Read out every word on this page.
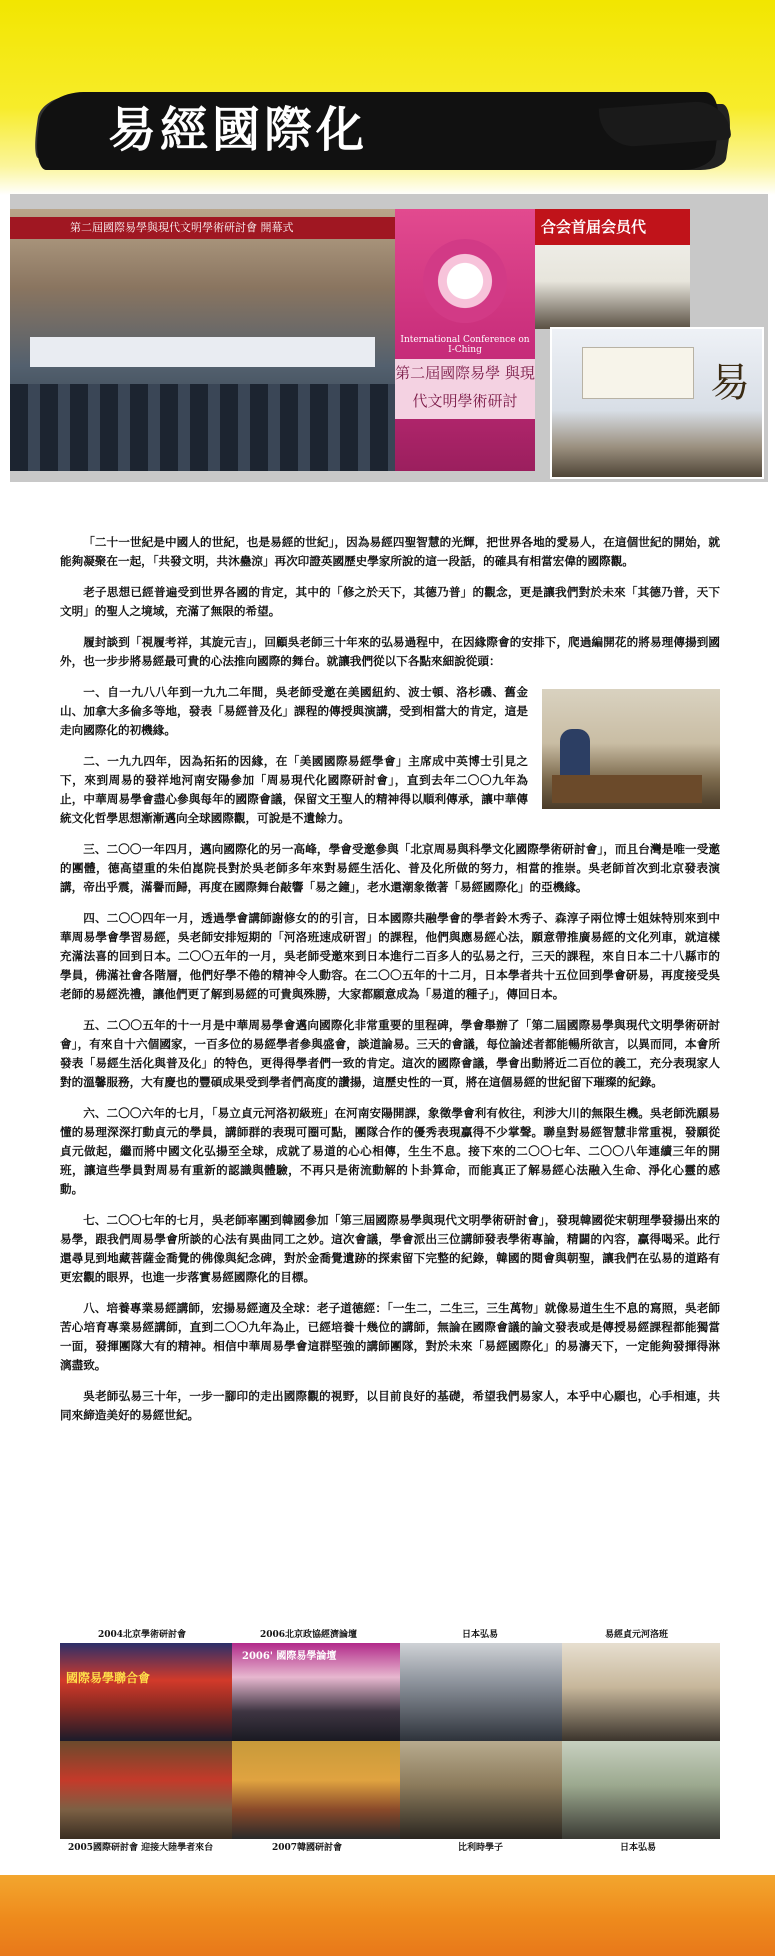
易經國際化
第二屆國際易學與現代文明學術研討會 開幕式
International Conference on I-Ching
第二屆國際易學 與現代文明學術研討
合会首届会员代
易

「二十一世紀是中國人的世紀，也是易經的世紀」，因為易經四聖智慧的光輝，把世界各地的愛易人，在這個世紀的開始，就能夠凝聚在一起，「共發文明，共沐蠱涼」再次印證英國歷史學家所說的這一段話，的確具有相當宏偉的國際觀。

老子思想已經普遍受到世界各國的肯定，其中的「修之於天下，其德乃普」的觀念，更是讓我們對於未來「其德乃普，天下文明」的聖人之境域，充滿了無限的希望。

履封談到「視履考祥，其旋元吉」，回顧吳老師三十年來的弘易過程中，在因緣際會的安排下，爬過編開花的將易理傳揚到國外，也一步步將易經最可貴的心法推向國際的舞台。就讓我們從以下各點來細說從頭：

一、自一九八八年到一九九二年間，吳老師受邀在美國紐約、波士頓、洛杉磯、舊金山、加拿大多倫多等地，發表「易經普及化」課程的傳授與演講，受到相當大的肯定，這是走向國際化的初機緣。

二、一九九四年，因為拓拓的因緣，在「美國國際易經學會」主席成中英博士引見之下，來到周易的發祥地河南安陽參加「周易現代化國際研討會」，直到去年二〇〇九年為止，中華周易學會盡心參與每年的國際會議，保留文王聖人的精神得以順利傳承，讓中華傳統文化哲學思想漸漸邁向全球國際觀，可說是不遺餘力。

三、二〇〇一年四月，邁向國際化的另一高峰，學會受邀參與「北京周易與科學文化國際學術研討會」，而且台灣是唯一受邀的團體，德高望重的朱伯崑院長對於吳老師多年來對易經生活化、普及化所做的努力，相當的推崇。吳老師首次到北京發表演講，帝出乎震，滿譽而歸，再度在國際舞台敲響「易之鐘」，老水還潮象徵著「易經國際化」的亞機緣。

四、二〇〇四年一月，透過學會講師謝修女的的引言，日本國際共融學會的學者鈴木秀子、森淳子兩位博士姐妹特別來到中華周易學會學習易經，吳老師安排短期的「河洛班速成研習」的課程，他們與應易經心法，願意帶推廣易經的文化列車，就這樣充滿法喜的回到日本。二〇〇五年的一月，吳老師受邀來到日本進行二百多人的弘易之行，三天的課程，來自日本二十八縣市的學員，佛滿社會各階層，他們好學不倦的精神令人動容。在二〇〇五年的十二月，日本學者共十五位回到學會研易，再度接受吳老師的易經洗禮，讓他們更了解到易經的可貴與殊勝，大家都願意成為「易道的種子」，傳回日本。

五、二〇〇五年的十一月是中華周易學會邁向國際化非常重要的里程碑，學會舉辦了「第二屆國際易學與現代文明學術研討會」，有來自十六個國家，一百多位的易經學者參與盛會，談道論易。三天的會議，每位論述者都能暢所欲言，以異而同，本會所發表「易經生活化與普及化」的特色，更得得學者們一致的肯定。這次的國際會議，學會出動將近二百位的義工，充分表現家人對的溫馨服務，大有慶也的豐碩成果受到學者們高度的讚揚，這歷史性的一頁，將在這個易經的世紀留下璀璨的紀錄。

六、二〇〇六年的七月，「易立貞元河洛初級班」在河南安陽開課，象徵學會利有攸往，利涉大川的無限生機。吳老師洗願易懂的易理深深打動貞元的學員，講師群的表現可圈可點，團隊合作的優秀表現贏得不少掌聲。聯皇對易經智慧非常重視，發願從貞元做起，繼而將中國文化弘揚至全球，成就了易道的心心相傳，生生不息。接下來的二〇〇七年、二〇〇八年連續三年的開班，讓這些學員對周易有重新的認識與體驗，不再只是術流動解的卜卦算命，而能真正了解易經心法融入生命、淨化心靈的感動。

七、二〇〇七年的七月，吳老師率團到韓國參加「第三屆國際易學與現代文明學術研討會」，發現韓國從宋朝理學發揚出來的易學，跟我們周易學會所談的心法有異曲同工之妙。這次會議，學會派出三位講師發表學術專論，精闢的內容，贏得喝采。此行還尋見到地藏菩薩金喬覺的佛像與紀念碑，對於金喬覺遺跡的探索留下完整的紀錄，韓國的閱會與朝聖，讓我們在弘易的道路有更宏觀的眼界，也進一步落實易經國際化的目標。

八、培養專業易經講師，宏揚易經適及全球：老子道德經：「一生二，二生三，三生萬物」就像易道生生不息的寫照，吳老師苦心培育專業易經講師，直到二〇〇九年為止，已經培養十幾位的講師，無論在國際會議的論文發表或是傳授易經課程都能獨當一面，發揮團隊大有的精神。相信中華周易學會這群堅強的講師團隊，對於未來「易經國際化」的易濤天下，一定能夠發揮得淋漓盡致。

吳老師弘易三十年，一步一腳印的走出國際觀的視野，以目前良好的基礎，希望我們易家人，本乎中心願也，心手相連，共同來締造美好的易經世紀。

2004北京學術研討會	2006北京政協經濟論壇	日本弘易	易經貞元河洛班
國際易學聯合會
2006' 國際易學論壇
2005國際研討會 迎接大陸學者來台	2007韓國研討會	比利時學子	日本弘易
